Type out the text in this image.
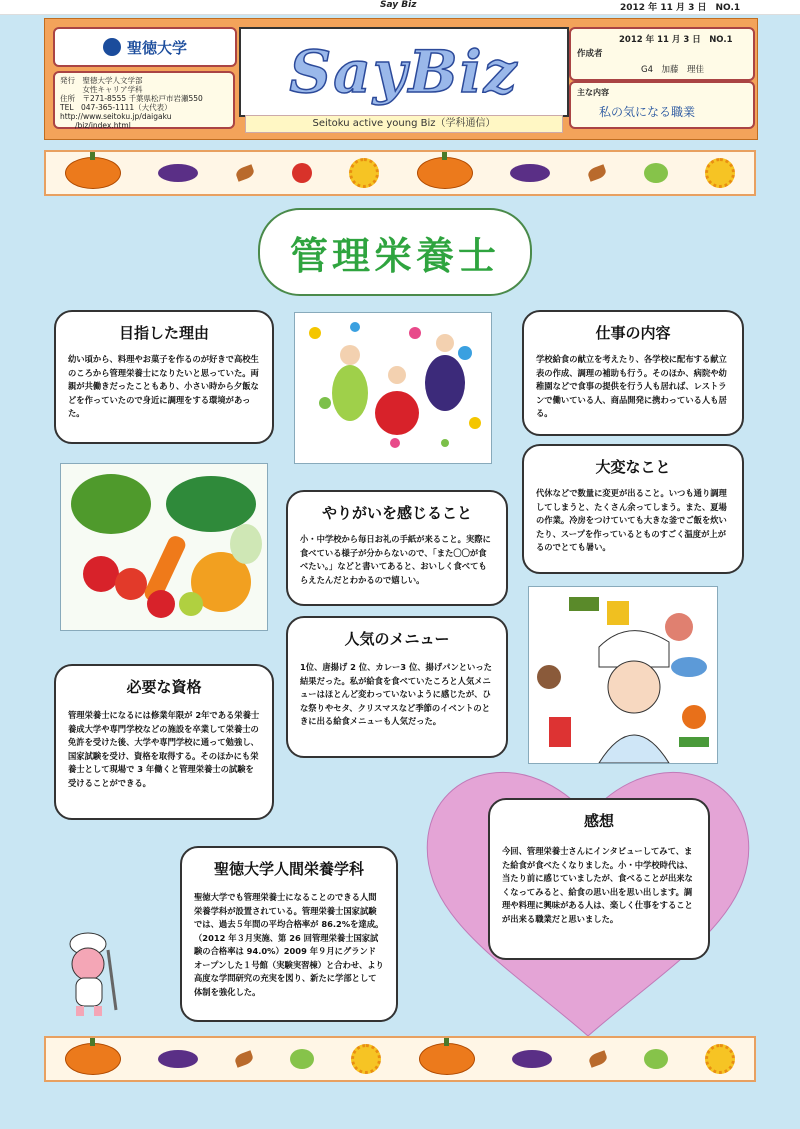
Say Biz	2012 年 11 月 3 日　NO.1
聖徳大学
発行　聖徳大学人文学部
　　　女性キャリア学科
住所　〒271-8555 千葉県松戸市岩瀬550
TEL　047-365-1111（大代表）
http://www.seitoku.jp/daigaku
　　/biz/index.html
SayBiz
Seitoku active young Biz（学科通信）
2012 年 11 月 3 日　NO.1
作成者
G4　加藤　理佳
主な内容
私の気になる職業
管理栄養士
目指した理由

幼い頃から、料理やお菓子を作るのが好きで高校生のころから管理栄養士になりたいと思っていた。両親が共働きだったこともあり、小さい時から夕飯などを作っていたので身近に調理をする環境があった。

仕事の内容

学校給食の献立を考えたり、各学校に配布する献立表の作成、調理の補助も行う。そのほか、病院や幼稚園などで食事の提供を行う人も居れば、レストランで働いている人、商品開発に携わっている人も居る。

やりがいを感じること

小・中学校から毎日お礼の手紙が来ること。実際に食べている様子が分からないので、「また〇〇が食べたい。」などと書いてあると、おいしく食べてもらえたんだとわかるので嬉しい。

大変なこと

代休などで数量に変更が出ること。いつも通り調理してしまうと、たくさん余ってしまう。また、夏場の作業。冷房をつけていても大きな釜でご飯を炊いたり、スープを作っているとものすごく温度が上がるのでとても暑い。

人気のメニュー

1位、唐揚げ 2 位、カレー3 位、揚げパンといった結果だった。私が給食を食べていたころと人気メニューはほとんど変わっていないように感じたが、ひな祭りやセタ、クリスマスなど季節のイベントのときに出る給食メニューも人気だった。

必要な資格

管理栄養士になるには修業年限が 2年である栄養士養成大学や専門学校などの施設を卒業して栄養士の免許を受けた後、大学や専門学校に通って勉強し、国家試験を受け、資格を取得する。そのほかにも栄養士として現場で 3 年働くと管理栄養士の試験を受けることができる。

感想

今回、管理栄養士さんにインタビューしてみて、また給食が食べたくなりました。小・中学校時代は、当たり前に感じていましたが、食べることが出来なくなってみると、給食の思い出を思い出します。調理や料理に興味がある人は、楽しく仕事をすることが出来る職業だと思いました。

聖徳大学人間栄養学科

聖徳大学でも管理栄養士になることのできる人間栄養学科が設置されている。管理栄養士国家試験では、過去５年間の平均合格率が 86.2%を達成。（2012 年３月実施、第 26 回管理栄養士国家試験の合格率は 94.0%）2009 年９月にグランドオープンした１号館（実験実習棟）と合わせ、より高度な学問研究の充実を図り、新たに学部として体制を強化した。
